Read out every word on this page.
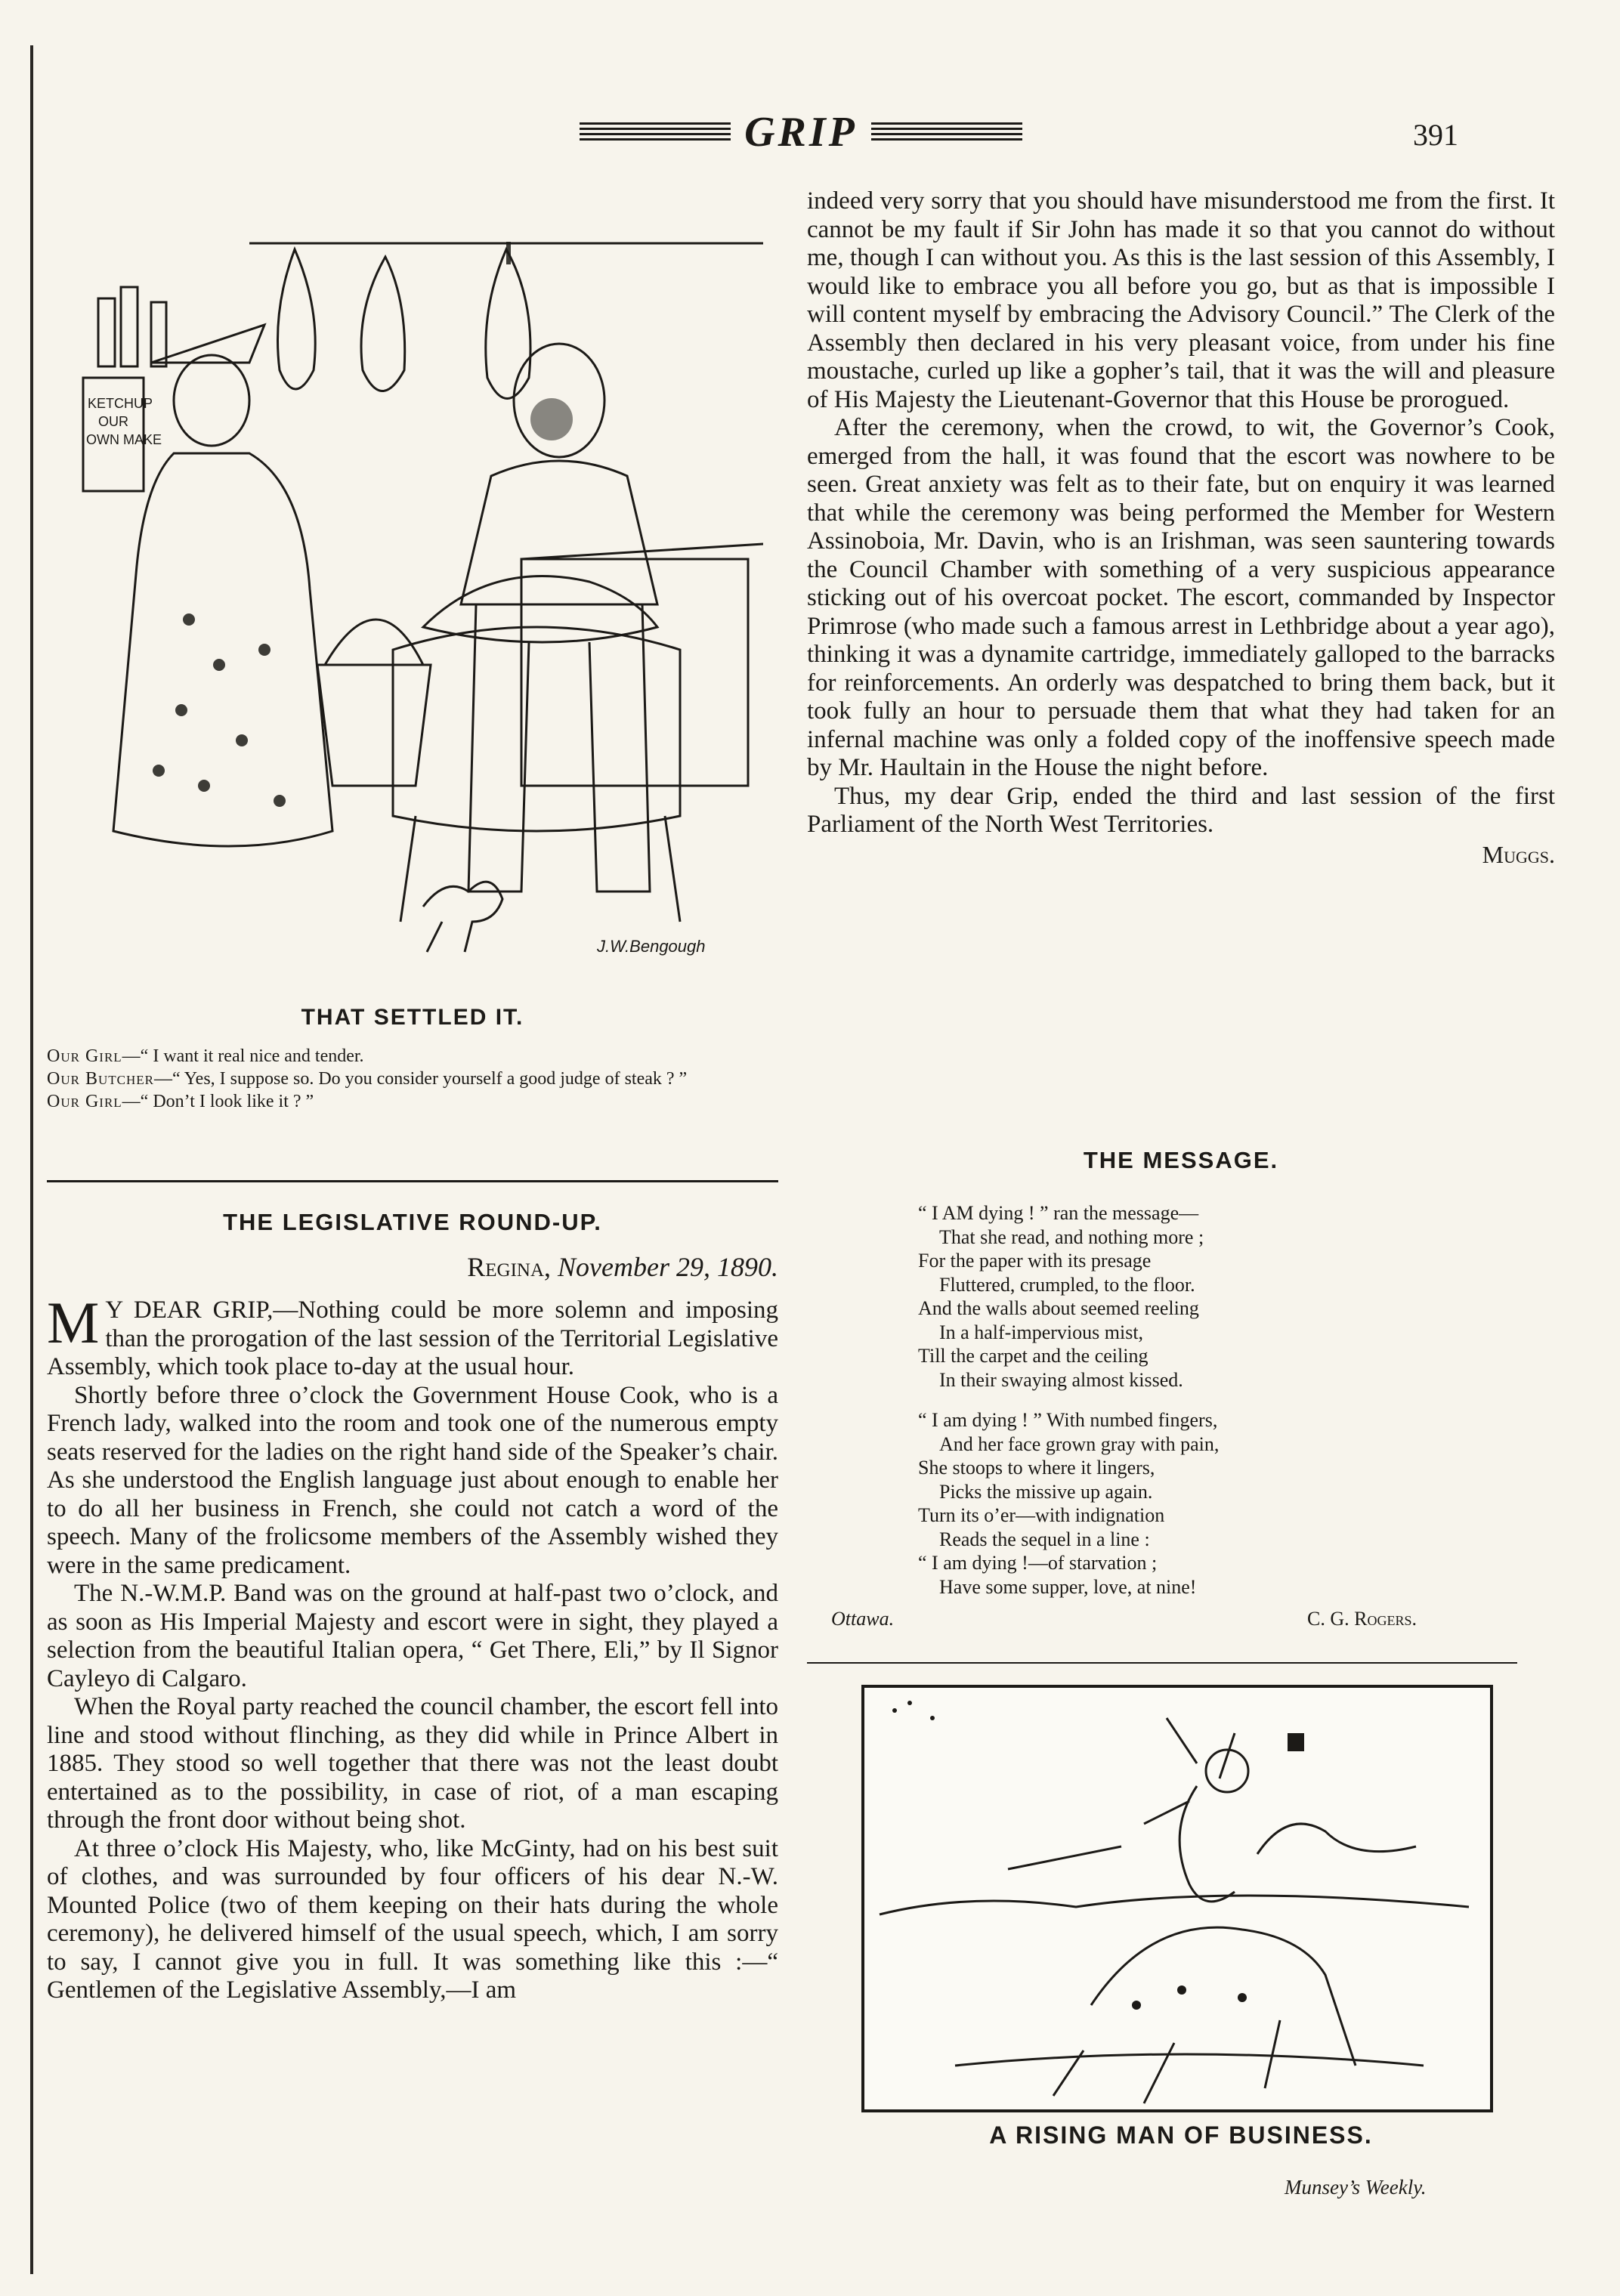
GRIP	391
KETCHUP
OUR
OWN MAKE
J.W.Bengough
THAT SETTLED IT.
Our Girl—“ I want it real nice and tender.
Our Butcher—“ Yes, I suppose so. Do you consider yourself a good judge of steak ? ”
Our Girl—“ Don’t I look like it ? ”
THE LEGISLATIVE ROUND-UP.
Regina, November 29, 1890.

M Y DEAR GRIP,—Nothing could be more solemn and imposing than the prorogation of the last session of the Territorial Legislative Assembly, which took place to-day at the usual hour.

Shortly before three o’clock the Government House Cook, who is a French lady, walked into the room and took one of the numerous empty seats reserved for the ladies on the right hand side of the Speaker’s chair. As she understood the English language just about enough to enable her to do all her business in French, she could not catch a word of the speech. Many of the frolicsome members of the Assembly wished they were in the same predicament.

The N.-W.M.P. Band was on the ground at half-past two o’clock, and as soon as His Imperial Majesty and escort were in sight, they played a selection from the beautiful Italian opera, “ Get There, Eli,” by Il Signor Cayleyo di Calgaro.

When the Royal party reached the council chamber, the escort fell into line and stood without flinching, as they did while in Prince Albert in 1885. They stood so well together that there was not the least doubt entertained as to the possibility, in case of riot, of a man escaping through the front door without being shot.

At three o’clock His Majesty, who, like McGinty, had on his best suit of clothes, and was surrounded by four officers of his dear N.-W. Mounted Police (two of them keeping on their hats during the whole ceremony), he delivered himself of the usual speech, which, I am sorry to say, I cannot give you in full. It was something like this :—“ Gentlemen of the Legislative Assembly,—I am

indeed very sorry that you should have misunderstood me from the first. It cannot be my fault if Sir John has made it so that you cannot do without me, though I can without you. As this is the last session of this Assembly, I would like to embrace you all before you go, but as that is impossible I will content myself by embracing the Advisory Council.” The Clerk of the Assembly then declared in his very pleasant voice, from under his fine moustache, curled up like a gopher’s tail, that it was the will and pleasure of His Majesty the Lieutenant-Governor that this House be prorogued.

After the ceremony, when the crowd, to wit, the Governor’s Cook, emerged from the hall, it was found that the escort was nowhere to be seen. Great anxiety was felt as to their fate, but on enquiry it was learned that while the ceremony was being performed the Member for Western Assinoboia, Mr. Davin, who is an Irishman, was seen sauntering towards the Council Chamber with something of a very suspicious appearance sticking out of his overcoat pocket. The escort, commanded by Inspector Primrose (who made such a famous arrest in Lethbridge about a year ago), thinking it was a dynamite cartridge, immediately galloped to the barracks for reinforcements. An orderly was despatched to bring them back, but it took fully an hour to persuade them that what they had taken for an infernal machine was only a folded copy of the inoffensive speech made by Mr. Haultain in the House the night before.

Thus, my dear Grip, ended the third and last session of the first Parliament of the North West Territories.

Muggs.
THE MESSAGE.
“ I AM dying ! ” ran the message—
That she read, and nothing more ;
For the paper with its presage
Fluttered, crumpled, to the floor.
And the walls about seemed reeling
In a half-impervious mist,
Till the carpet and the ceiling
In their swaying almost kissed.
“ I am dying ! ” With numbed fingers,
And her face grown gray with pain,
She stoops to where it lingers,
Picks the missive up again.
Turn its o’er—with indignation
Reads the sequel in a line :
“ I am dying !—of starvation ;
Have some supper, love, at nine!
Ottawa.	C. G. Rogers.
A RISING MAN OF BUSINESS.
Munsey’s Weekly.
